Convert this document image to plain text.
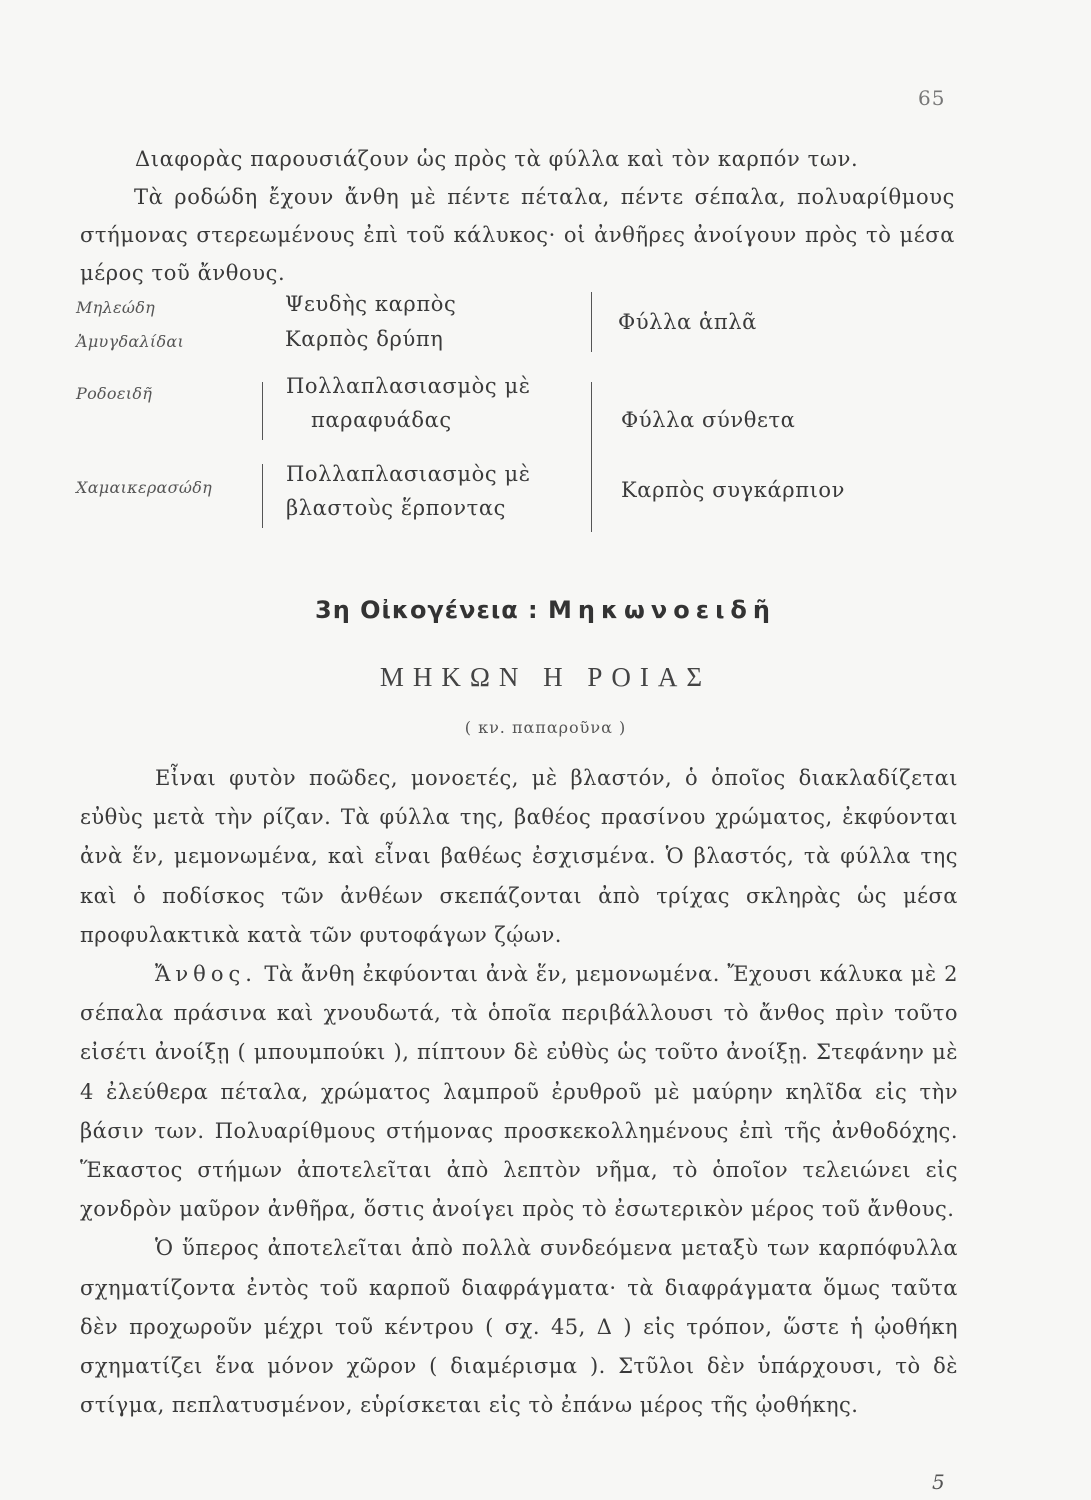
65

Διαφορὰς παρουσιάζουν ὡς πρὸς τὰ φύλλα καὶ τὸν καρπόν των.

Τὰ ροδώδη ἔχουν ἄνθη μὲ πέντε πέταλα, πέντε σέπαλα, πολυαρίθμους στήμονας στερεωμένους ἐπὶ τοῦ κάλυκος· οἱ ἀνθῆρες ἀνοίγουν πρὸς τὸ μέσα μέρος τοῦ ἄνθους.

Μηλεώδη
Ἀμυγδαλίδαι
Ροδοειδῆ
Χαμαικερασώδη
Ψευδὴς καρπὸς
Καρπὸς δρύπη
Πολλαπλασιασμὸς μὲ
παραφυάδας
Πολλαπλασιασμὸς μὲ
βλαστοὺς ἕρποντας
Φύλλα ἁπλᾶ
Φύλλα σύνθετα
Καρπὸς συγκάρπιον
3η Οἰκογένεια : Μηκωνοειδῆ
ΜΗΚΩΝ Η ΡΟΙΑΣ
( κν. παπαροῦνα )

Εἶναι φυτὸν ποῶδες, μονοετές, μὲ βλαστόν, ὁ ὁποῖος διακλαδίζεται εὐθὺς μετὰ τὴν ρίζαν. Τὰ φύλλα της, βαθέος πρασίνου χρώματος, ἐκφύονται ἀνὰ ἕν, μεμονωμένα, καὶ εἶναι βαθέως ἐσχισμένα. Ὁ βλαστός, τὰ φύλλα της καὶ ὁ ποδίσκος τῶν ἀνθέων σκεπάζονται ἀπὸ τρίχας σκληρὰς ὡς μέσα προφυλακτικὰ κατὰ τῶν φυτοφάγων ζῴων.

Ἄνθος. Τὰ ἄνθη ἐκφύονται ἀνὰ ἕν, μεμονωμένα. Ἔχουσι κάλυκα μὲ 2 σέπαλα πράσινα καὶ χνουδωτά, τὰ ὁποῖα περιβάλλουσι τὸ ἄνθος πρὶν τοῦτο εἰσέτι ἀνοίξῃ ( μπουμπούκι ), πίπτουν δὲ εὐθὺς ὡς τοῦτο ἀνοίξῃ. Στεφάνην μὲ 4 ἐλεύθερα πέταλα, χρώματος λαμπροῦ ἐρυθροῦ μὲ μαύρην κηλῖδα εἰς τὴν βάσιν των. Πολυαρίθμους στήμονας προσκεκολλημένους ἐπὶ τῆς ἀνθοδόχης. Ἕκαστος στήμων ἀποτελεῖται ἀπὸ λεπτὸν νῆμα, τὸ ὁποῖον τελειώνει εἰς χονδρὸν μαῦρον ἀνθῆρα, ὅστις ἀνοίγει πρὸς τὸ ἐσωτερικὸν μέρος τοῦ ἄνθους.

Ὁ ὕπερος ἀποτελεῖται ἀπὸ πολλὰ συνδεόμενα μεταξὺ των καρπόφυλλα σχηματίζοντα ἐντὸς τοῦ καρποῦ διαφράγματα· τὰ διαφράγματα ὅμως ταῦτα δὲν προχωροῦν μέχρι τοῦ κέντρου ( σχ. 45, Δ ) εἰς τρόπον, ὥστε ἡ ᾠοθήκη σχηματίζει ἕνα μόνον χῶρον ( διαμέρισμα ). Στῦλοι δὲν ὑπάρχουσι, τὸ δὲ στίγμα, πεπλατυσμένον, εὑρίσκεται εἰς τὸ ἐπάνω μέρος τῆς ᾠοθήκης.

5
